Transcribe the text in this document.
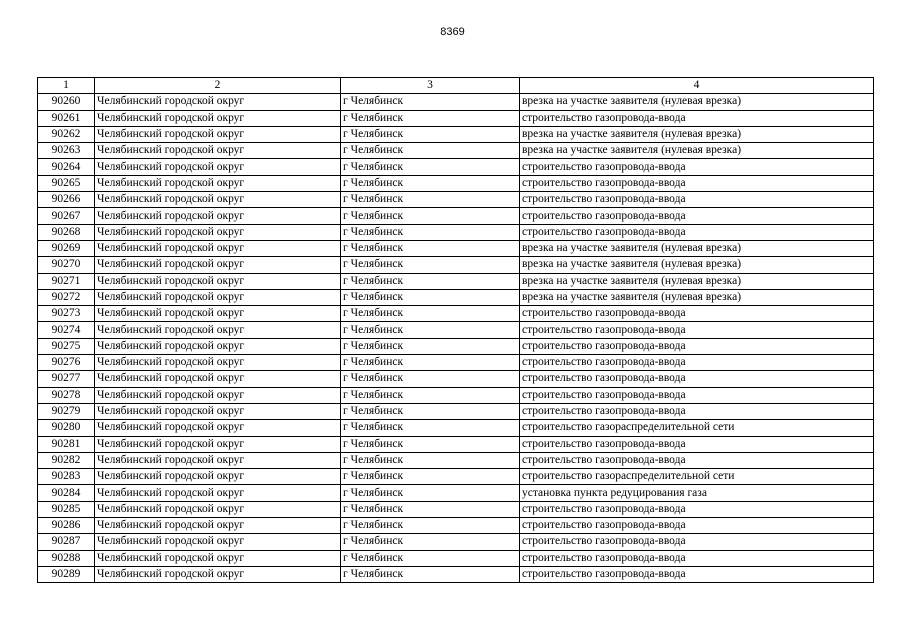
8369
1	2	3	4
90260	Челябинский городской округ	г Челябинск	врезка на участке заявителя (нулевая врезка)
90261	Челябинский городской округ	г Челябинск	строительство газопровода-ввода
90262	Челябинский городской округ	г Челябинск	врезка на участке заявителя (нулевая врезка)
90263	Челябинский городской округ	г Челябинск	врезка на участке заявителя (нулевая врезка)
90264	Челябинский городской округ	г Челябинск	строительство газопровода-ввода
90265	Челябинский городской округ	г Челябинск	строительство газопровода-ввода
90266	Челябинский городской округ	г Челябинск	строительство газопровода-ввода
90267	Челябинский городской округ	г Челябинск	строительство газопровода-ввода
90268	Челябинский городской округ	г Челябинск	строительство газопровода-ввода
90269	Челябинский городской округ	г Челябинск	врезка на участке заявителя (нулевая врезка)
90270	Челябинский городской округ	г Челябинск	врезка на участке заявителя (нулевая врезка)
90271	Челябинский городской округ	г Челябинск	врезка на участке заявителя (нулевая врезка)
90272	Челябинский городской округ	г Челябинск	врезка на участке заявителя (нулевая врезка)
90273	Челябинский городской округ	г Челябинск	строительство газопровода-ввода
90274	Челябинский городской округ	г Челябинск	строительство газопровода-ввода
90275	Челябинский городской округ	г Челябинск	строительство газопровода-ввода
90276	Челябинский городской округ	г Челябинск	строительство газопровода-ввода
90277	Челябинский городской округ	г Челябинск	строительство газопровода-ввода
90278	Челябинский городской округ	г Челябинск	строительство газопровода-ввода
90279	Челябинский городской округ	г Челябинск	строительство газопровода-ввода
90280	Челябинский городской округ	г Челябинск	строительство газораспределительной сети
90281	Челябинский городской округ	г Челябинск	строительство газопровода-ввода
90282	Челябинский городской округ	г Челябинск	строительство газопровода-ввода
90283	Челябинский городской округ	г Челябинск	строительство газораспределительной сети
90284	Челябинский городской округ	г Челябинск	установка пункта редуцирования газа
90285	Челябинский городской округ	г Челябинск	строительство газопровода-ввода
90286	Челябинский городской округ	г Челябинск	строительство газопровода-ввода
90287	Челябинский городской округ	г Челябинск	строительство газопровода-ввода
90288	Челябинский городской округ	г Челябинск	строительство газопровода-ввода
90289	Челябинский городской округ	г Челябинск	строительство газопровода-ввода
